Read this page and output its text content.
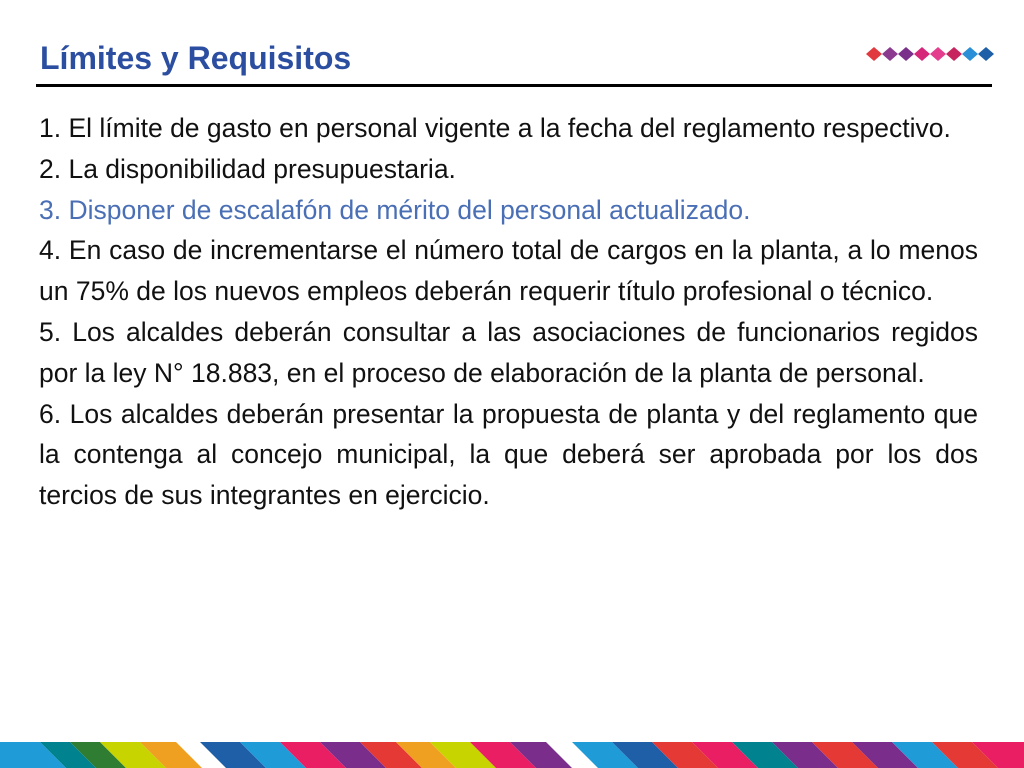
Límites y Requisitos

1. El límite de gasto en personal vigente a la fecha del reglamento respectivo.

2. La disponibilidad presupuestaria.

3. Disponer de escalafón de mérito del personal actualizado.

4. En caso de incrementarse el número total de cargos en la planta, a lo menos un 75% de los nuevos empleos deberán requerir título profesional o técnico.

5. Los alcaldes deberán consultar a las asociaciones de funcionarios regidos por la ley N° 18.883, en el proceso de elaboración de la planta de personal.

6. Los alcaldes deberán presentar la propuesta de planta y del reglamento que la contenga al concejo municipal, la que deberá ser aprobada por los dos tercios de sus integrantes en ejercicio.
